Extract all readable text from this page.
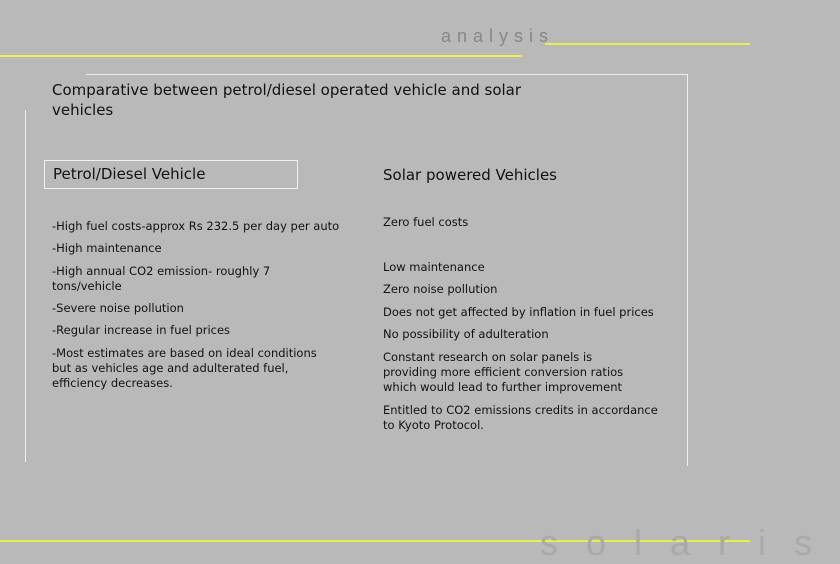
analysis
solaris
Comparative between petrol/diesel operated vehicle and solar vehicles
Petrol/Diesel Vehicle	Solar powered Vehicles
-High fuel costs-approx Rs 232.5 per day per auto
-High maintenance
-High annual CO2 emission- roughly 7 tons/vehicle
-Severe noise pollution
-Regular increase in fuel prices
-Most estimates are based on ideal conditions but as vehicles age and adulterated fuel, efficiency decreases.
Zero fuel costs
Low maintenance
Zero noise pollution
Does not get affected by inflation in fuel prices
No possibility of adulteration
Constant research on solar panels is providing more efficient conversion ratios which would lead to further improvement
Entitled to CO2 emissions credits in accordance to Kyoto Protocol.
